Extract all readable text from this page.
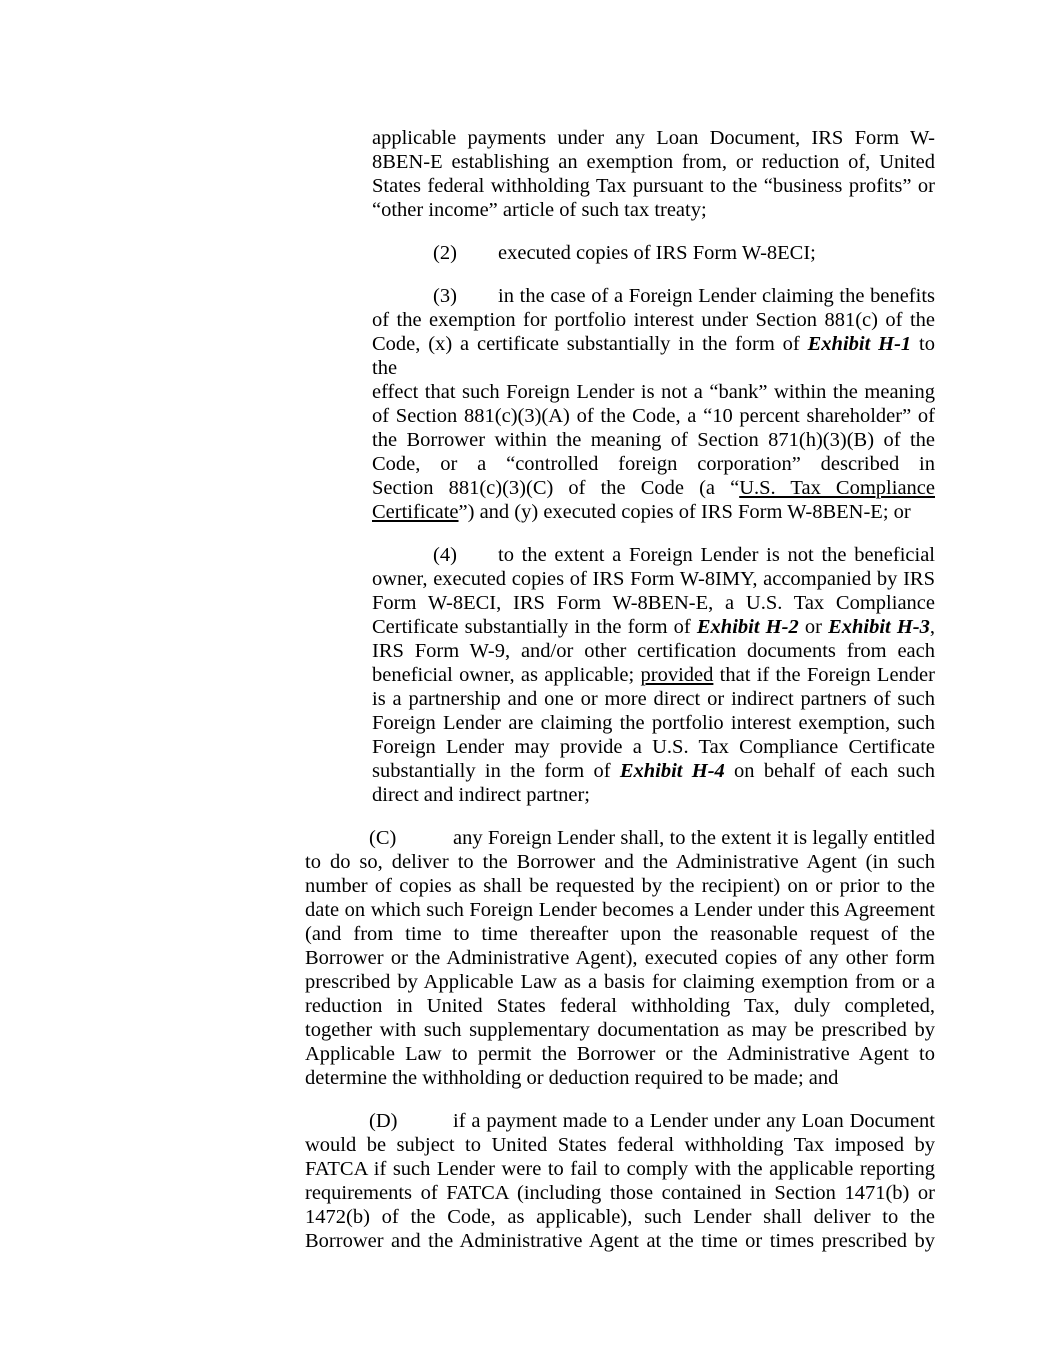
applicable payments under any Loan Document, IRS Form W-
8BEN-E establishing an exemption from, or reduction of, United
States federal withholding Tax pursuant to the “business profits” or
“other income” article of such tax treaty;
(2) executed copies of IRS Form W-8ECI;
(3) in the case of a Foreign Lender claiming the benefits
of the exemption for portfolio interest under Section 881(c) of the
Code, (x) a certificate substantially in the form of Exhibit H-1 to the
effect that such Foreign Lender is not a “bank” within the meaning
of Section 881(c)(3)(A) of the Code, a “10 percent shareholder” of
the Borrower within the meaning of Section 871(h)(3)(B) of the
Code, or a “controlled foreign corporation” described in
Section 881(c)(3)(C) of the Code (a “U.S. Tax Compliance
Certificate”) and (y) executed copies of IRS Form W-8BEN-E; or
(4) to the extent a Foreign Lender is not the beneficial
owner, executed copies of IRS Form W-8IMY, accompanied by IRS
Form W-8ECI, IRS Form W-8BEN-E, a U.S. Tax Compliance
Certificate substantially in the form of Exhibit H-2 or Exhibit H-3,
IRS Form W-9, and/or other certification documents from each
beneficial owner, as applicable; provided that if the Foreign Lender
is a partnership and one or more direct or indirect partners of such
Foreign Lender are claiming the portfolio interest exemption, such
Foreign Lender may provide a U.S. Tax Compliance Certificate
substantially in the form of Exhibit H-4 on behalf of each such
direct and indirect partner;
(C)	any Foreign Lender shall, to the extent it is legally entitled
to do so, deliver to the Borrower and the Administrative Agent (in such
number of copies as shall be requested by the recipient) on or prior to the
date on which such Foreign Lender becomes a Lender under this Agreement
(and from time to time thereafter upon the reasonable request of the
Borrower or the Administrative Agent), executed copies of any other form
prescribed by Applicable Law as a basis for claiming exemption from or a
reduction in United States federal withholding Tax, duly completed,
together with such supplementary documentation as may be prescribed by
Applicable Law to permit the Borrower or the Administrative Agent to
determine the withholding or deduction required to be made; and
(D)	if a payment made to a Lender under any Loan Document
would be subject to United States federal withholding Tax imposed by
FATCA if such Lender were to fail to comply with the applicable reporting
requirements of FATCA (including those contained in Section 1471(b) or
1472(b) of the Code, as applicable), such Lender shall deliver to the
Borrower and the Administrative Agent at the time or times prescribed by
